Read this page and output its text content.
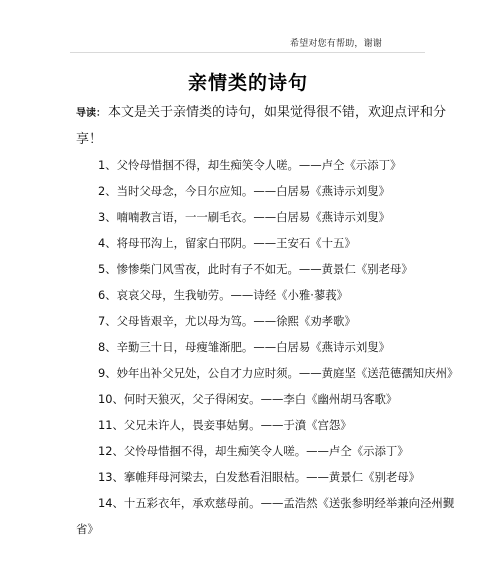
希望对您有帮助，谢谢
亲情类的诗句
导读： 本文是关于亲情类的诗句，如果觉得很不错，欢迎点评和分享！
1、父怜母惜掴不得，却生痴笑令人嗟。——卢仝《示添丁》
2、当时父母念，今日尔应知。——白居易《燕诗示刘叟》
3、喃喃教言语，一一刷毛衣。——白居易《燕诗示刘叟》
4、将母邗沟上，留家白邗阴。——王安石《十五》
5、惨惨柴门风雪夜，此时有子不如无。——黄景仁《别老母》
6、哀哀父母，生我劬劳。——诗经《小雅·蓼莪》
7、父母皆艰辛，尤以母为笃。——徐熙《劝孝歌》
8、辛勤三十日，母瘦雏渐肥。——白居易《燕诗示刘叟》
9、妙年出补父兄处，公自才力应时须。——黄庭坚《送范德孺知庆州》
10、何时天狼灭，父子得闲安。——李白《幽州胡马客歌》
11、父兄未许人，畏妾事姑舅。——于濆《宫怨》
12、父怜母惜掴不得，却生痴笑令人嗟。——卢仝《示添丁》
13、搴帷拜母河梁去，白发愁看泪眼枯。——黄景仁《别老母》
14、十五彩衣年，承欢慈母前。——孟浩然《送张参明经举兼向泾州觐省》
